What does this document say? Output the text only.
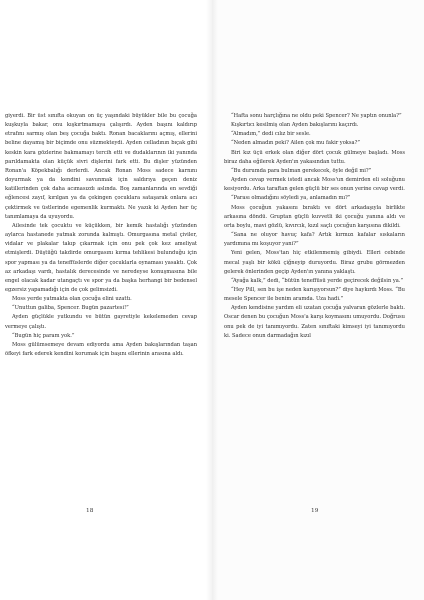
giyerdi. Bir üst sınıfta okuyan on üç yaşındaki büyükler bile bu çocuğa kuşkuyla bakar, onu kışkırtmamaya çalışırdı. Ayden başını kaldırıp etrafını sarmış olan beş çocuğa baktı. Ronan bacaklarını açmış, ellerini beline dayamış bir biçimde onu süzmekteydi. Ayden celladının bıçak gibi keskin kara gözlerine bakmamayı tercih etti ve dudaklarının iki yanında parıldamakta olan küçük sivri dişlerini fark etti. Bu dişler yüzünden Ronan'a Köpekbalığı derlerdi. Ancak Ronan Moss sadece karnını doyurmak ya da kendini savunmak için saldırıya geçen deniz katillerinden çok daha acımasızdı aslında. Boş zamanlarında en sevdiği eğlencesi zayıf, kırılgan ya da çekingen çocuklara sataşarak onlara acı çektirmek ve üstlerinde egemenlik kurmaktı. Ne yazık ki Ayden her üç tanımlamaya da uyuyordu.

Ailesinde tek çocuktu ve küçükken, bir kemik hastalığı yüzünden aylarca hastanede yatmak zorunda kalmıştı. Omurgasına metal çiviler, vidalar ve plakalar takıp çıkarmak için onu pek çok kez ameliyat etmişlerdi. Düştüğü takdirde omurgasını kırma tehlikesi bulunduğu için spor yapması ya da teneffüslerde diğer çocuklarla oynaması yasaktı. Çok az arkadaşı vardı, hastalık derecesinde ve neredeyse konuşmasına bile engel olacak kadar utangaçtı ve spor ya da başka herhangi bir bedensel egzersiz yapamadığı için de çok gelimsizdi.

Moss yerde yatmakta olan çocuğa elini uzattı.

“Unuttun galiba, Spencer. Bugün pazartesi!”

Ayden güçlükle yutkundu ve bütün gayretiyle kekelemeden cevap vermeye çalıştı.

“Bugün hiç param yok.”

Moss gülümsemeye devam ediyordu ama Ayden bakışlarından taşan öfkeyi fark ederek kendini korumak için başını ellerinin arasına aldı.

18

“Hafta sonu harçlığına ne oldu peki Spencer? Ne yaptın onunla?”

Kışkırtıcı kesilmiş olan Ayden bakışlarını kaçırdı.

“Almadım,” dedi cılız bir sesle.

“Neden almadın peki? Ailen çok mu fakir yoksa?”

Biri kız üçü erkek olan diğer dört çocuk gülmeye başladı. Moss biraz daha eğilerek Ayden'ın yakasından tuttu.

“Bu durumda para bulman gerekecek, öyle değil mi?”

Ayden cevap vermek istedi ancak Moss'un demirden eli soluğunu kesiyordu. Arka taraftan gelen güçlü bir ses onun yerine cevap verdi.

“Parası olmadığını söyledi ya, anlamadın mı?”

Moss çocuğun yakasını bıraktı ve dört arkadaşıyla birlikte arkasına döndü. Gruptan güçlü kuvvetli iki çocuğu yanına aldı ve orta boylu, mavi gözlü, kıvırcık, kızıl saçlı çocuğun karşısına dikildi.

“Sana ne oluyor havuç kafa? Artık kırmızı kafalar sıskaların yardımına mı koşuyor yani?”

Yeni gelen, Moss'tan hiç etkilenmemiş gibiydi. Elleri cebinde mecal yaşlı bir kökü çiğneyip duruyordu. Biraz grubu görmezden gelerek önlerinden geçip Ayden'ın yanına yaklaştı.

“Ayağa kalk,” dedi, “bütün teneffüsü yerde geçirecek değilsin ya.”

“Hey Pill, sen bu işe neden karışıyorsun?” diye haykırdı Moss. “Bu mesele Spencer ile benim aramda. Uza hadi.”

Ayden kendisine yardım eli uzatan çocuğa yalvaran gözlerle baktı. Oscar denen bu çocuğun Moss'a karşı koymasını umuyordu. Doğrusu onu pek de iyi tanımıyordu. Zaten sınıftaki kimseyi iyi tanımıyordu ki. Sadece onun darmadağın kızıl

19
